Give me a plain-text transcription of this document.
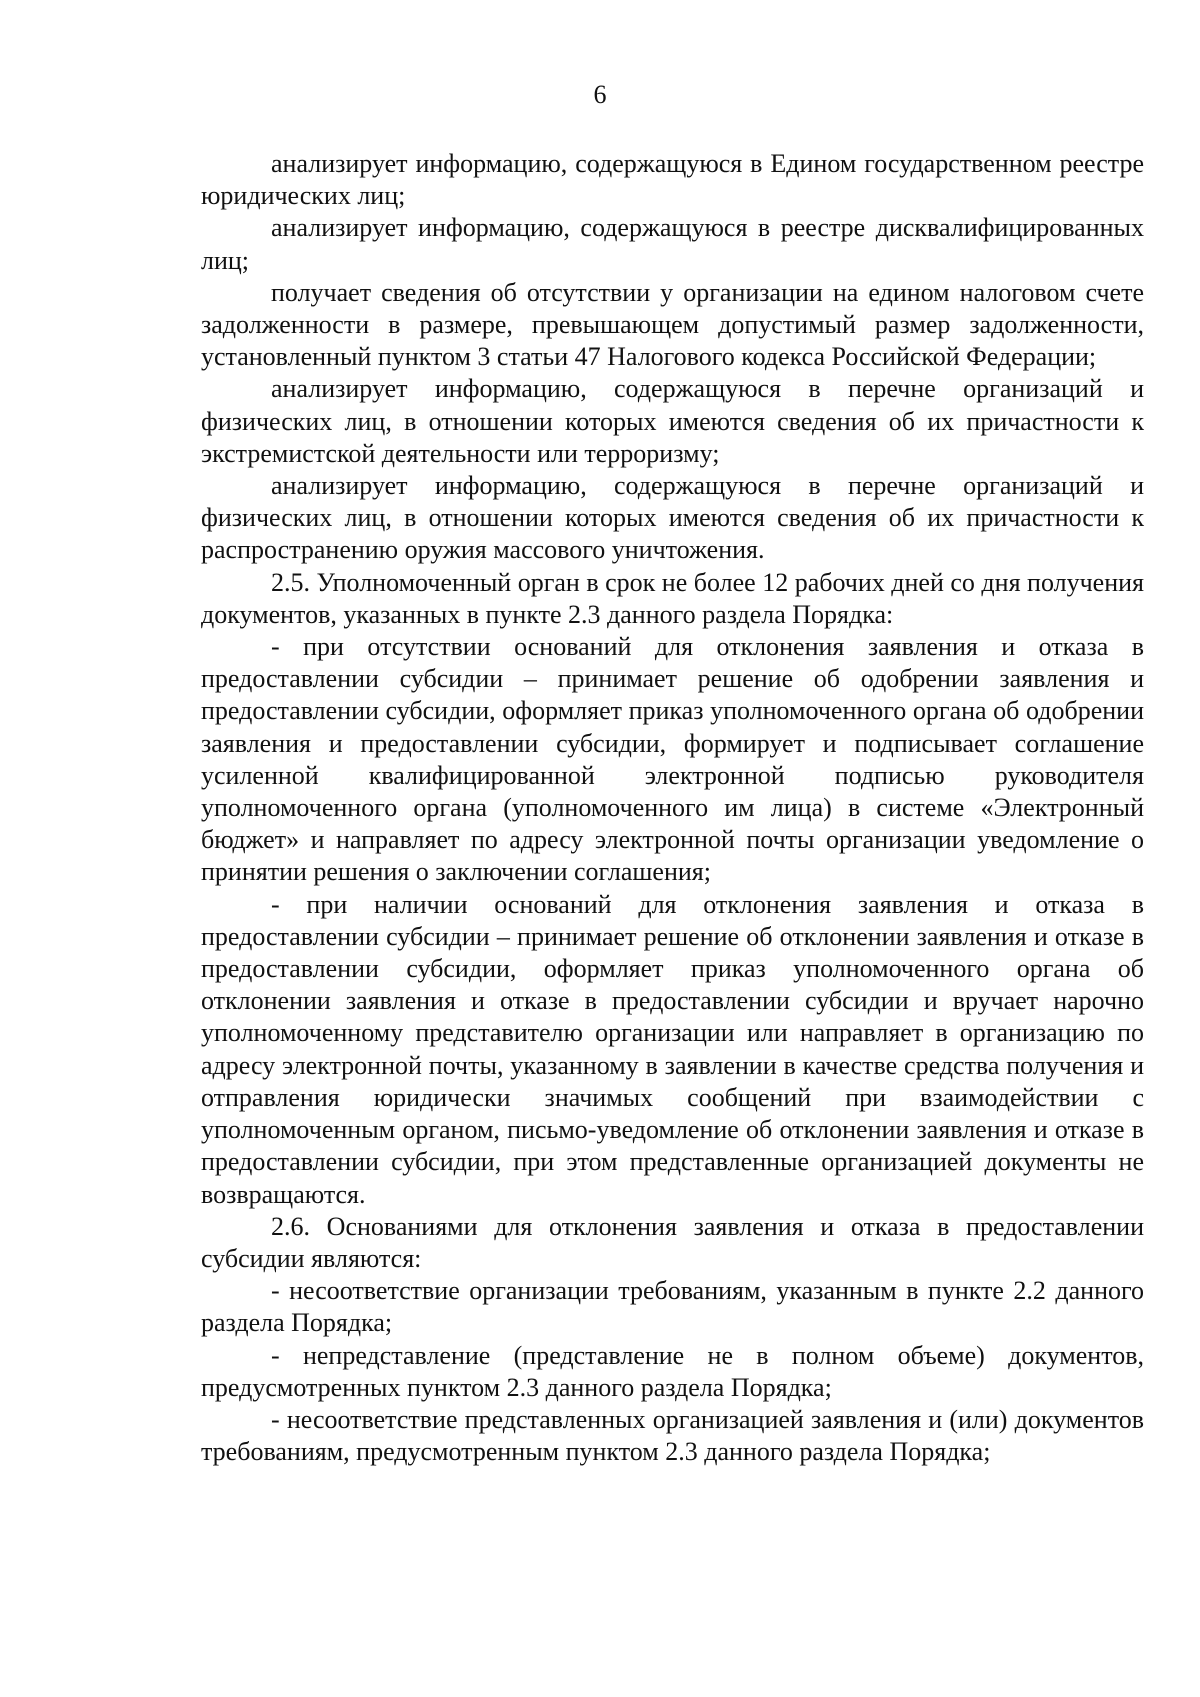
6

анализирует информацию, содержащуюся в Едином государственном реестре юридических лиц;

анализирует информацию, содержащуюся в реестре дисквалифицированных лиц;

получает сведения об отсутствии у организации на едином налоговом счете задолженности в размере, превышающем допустимый размер задолженности, установленный пунктом 3 статьи 47 Налогового кодекса Российской Федерации;

анализирует информацию, содержащуюся в перечне организаций и физических лиц, в отношении которых имеются сведения об их причастности к экстремистской деятельности или терроризму;

анализирует информацию, содержащуюся в перечне организаций и физических лиц, в отношении которых имеются сведения об их причастности к распространению оружия массового уничтожения.

2.5. Уполномоченный орган в срок не более 12 рабочих дней со дня получения документов, указанных в пункте 2.3 данного раздела Порядка:

- при отсутствии оснований для отклонения заявления и отказа в предоставлении субсидии – принимает решение об одобрении заявления и предоставлении субсидии, оформляет приказ уполномоченного органа об одобрении заявления и предоставлении субсидии, формирует и подписывает соглашение усиленной квалифицированной электронной подписью руководителя уполномоченного органа (уполномоченного им лица) в системе «Электронный бюджет» и направляет по адресу электронной почты организации уведомление о принятии решения о заключении соглашения;

- при наличии оснований для отклонения заявления и отказа в предоставлении субсидии – принимает решение об отклонении заявления и отказе в предоставлении субсидии, оформляет приказ уполномоченного органа об отклонении заявления и отказе в предоставлении субсидии и вручает нарочно уполномоченному представителю организации или направляет в организацию по адресу электронной почты, указанному в заявлении в качестве средства получения и отправления юридически значимых сообщений при взаимодействии с уполномоченным органом, письмо-уведомление об отклонении заявления и отказе в предоставлении субсидии, при этом представленные организацией документы не возвращаются.

2.6. Основаниями для отклонения заявления и отказа в предоставлении субсидии являются:

- несоответствие организации требованиям, указанным в пункте 2.2 данного раздела Порядка;

- непредставление (представление не в полном объеме) документов, предусмотренных пунктом 2.3 данного раздела Порядка;

- несоответствие представленных организацией заявления и (или) документов требованиям, предусмотренным пунктом 2.3 данного раздела Порядка;
